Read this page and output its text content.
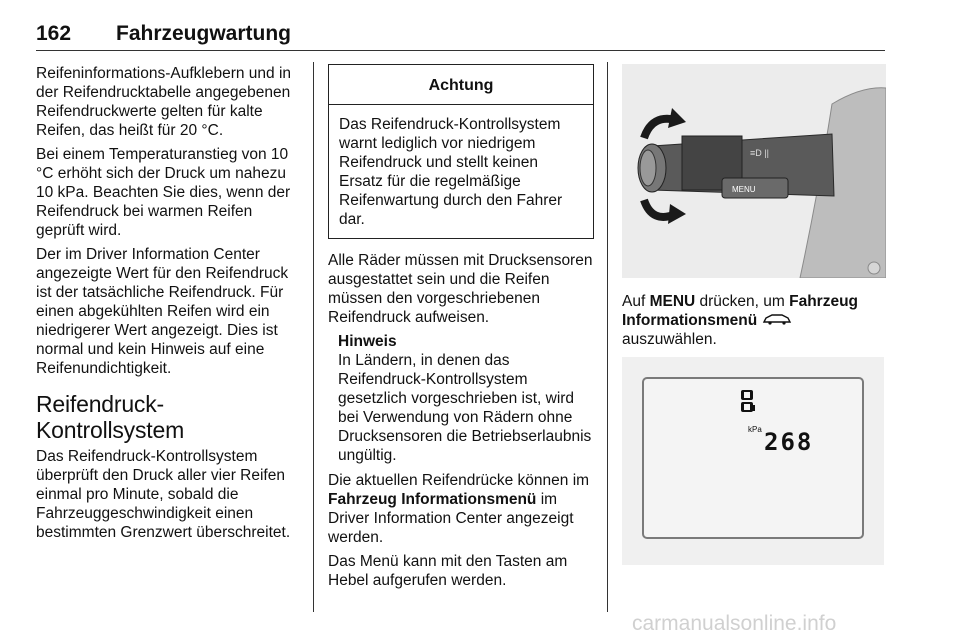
162 Fahrzeugwartung

Reifeninformations-Aufklebern und in der Reifendrucktabelle angegebenen Reifendruckwerte gelten für kalte Reifen, das heißt für 20 °C.

Bei einem Temperaturanstieg von 10 °C erhöht sich der Druck um nahezu 10 kPa. Beachten Sie dies, wenn der Reifendruck bei warmen Reifen geprüft wird.

Der im Driver Information Center angezeigte Wert für den Reifendruck ist der tatsächliche Reifendruck. Für einen abgekühlten Reifen wird ein niedrigerer Wert angezeigt. Dies ist normal und kein Hinweis auf eine Reifenundichtigkeit.

Reifendruck-Kontrollsystem

Das Reifendruck-Kontrollsystem überprüft den Druck aller vier Reifen einmal pro Minute, sobald die Fahrzeuggeschwindigkeit einen bestimmten Grenzwert überschreitet.

Achtung
Das Reifendruck-Kontrollsystem warnt lediglich vor niedrigem Reifendruck und stellt keinen Ersatz für die regelmäßige Reifenwartung durch den Fahrer dar.

Alle Räder müssen mit Drucksensoren ausgestattet sein und die Reifen müssen den vorgeschriebenen Reifendruck aufweisen.

Hinweis
In Ländern, in denen das Reifendruck-Kontrollsystem gesetzlich vorgeschrieben ist, wird bei Verwendung von Rädern ohne Drucksensoren die Betriebserlaubnis ungültig.

Die aktuellen Reifendrücke können im Fahrzeug Informationsmenü im Driver Information Center angezeigt werden.

Das Menü kann mit den Tasten am Hebel aufgerufen werden.

MENU
≡D ||

Auf MENU drücken, um Fahrzeug Informationsmenü  auszuwählen.

kPa 268
carmanualsonline.info
